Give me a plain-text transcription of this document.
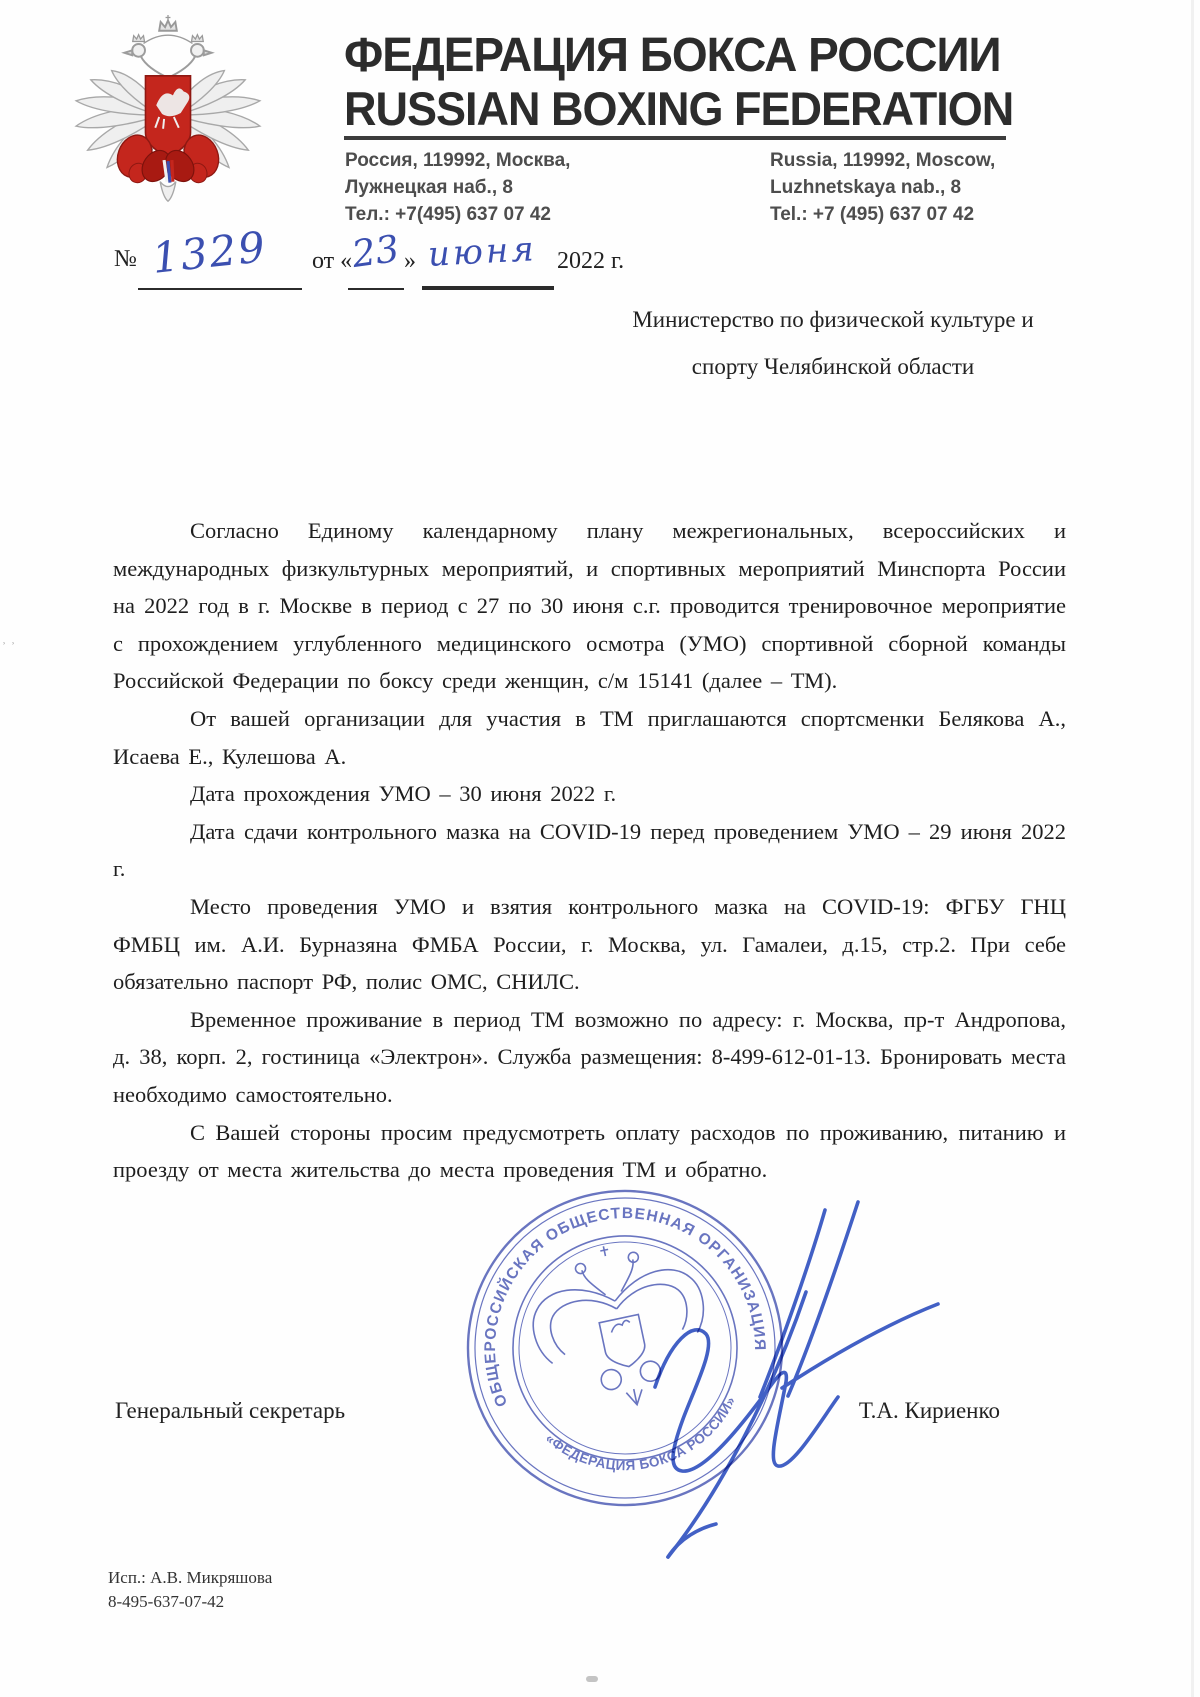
ФЕДЕРАЦИЯ БОКСА РОССИИ
RUSSIAN BOXING FEDERATION
Россия, 119992, Москва,
Лужнецкая наб., 8
Тел.: +7(495) 637 07 42
Russia, 119992, Moscow,
Luzhnetskaya nab., 8
Tel.: +7 (495) 637 07 42
№ 1329 от «
23 » июня 2022 г.
Министерство по физической культуре и
спорту Челябинской области

Согласно Единому календарному плану межрегиональных, всероссийских и международных физкультурных мероприятий, и спортивных мероприятий Минспорта России на 2022 год в г. Москве в период с 27 по 30 июня с.г. проводится тренировочное мероприятие с прохождением углубленного медицинского осмотра (УМО) спортивной сборной команды Российской Федерации по боксу среди женщин, с/м 15141 (далее – ТМ).

От вашей организации для участия в ТМ приглашаются спортсменки Белякова А., Исаева Е., Кулешова А.

Дата прохождения УМО – 30 июня 2022 г.

Дата сдачи контрольного мазка на COVID-19 перед проведением УМО – 29 июня 2022 г.

Место проведения УМО и взятия контрольного мазка на COVID-19: ФГБУ ГНЦ ФМБЦ им. А.И. Бурназяна ФМБА России, г. Москва, ул. Гамалеи, д.15, стр.2. При себе обязательно паспорт РФ, полис ОМС, СНИЛС.

Временное проживание в период ТМ возможно по адресу: г. Москва, пр-т Андропова, д. 38, корп. 2, гостиница «Электрон». Служба размещения: 8-499-612-01-13. Бронировать места необходимо самостоятельно.

С Вашей стороны просим предусмотреть оплату расходов по проживанию, питанию и проезду от места жительства до места проведения ТМ и обратно.

ОБЩЕРОССИЙСКАЯ ОБЩЕСТВЕННАЯ ОРГАНИЗАЦИЯ
«ФЕДЕРАЦИЯ БОКСА РОССИИ»
Генеральный секретарь	Т.А. Кириенко
Исп.: А.В. Микряшова
8-495-637-07-42
˒ ˒
